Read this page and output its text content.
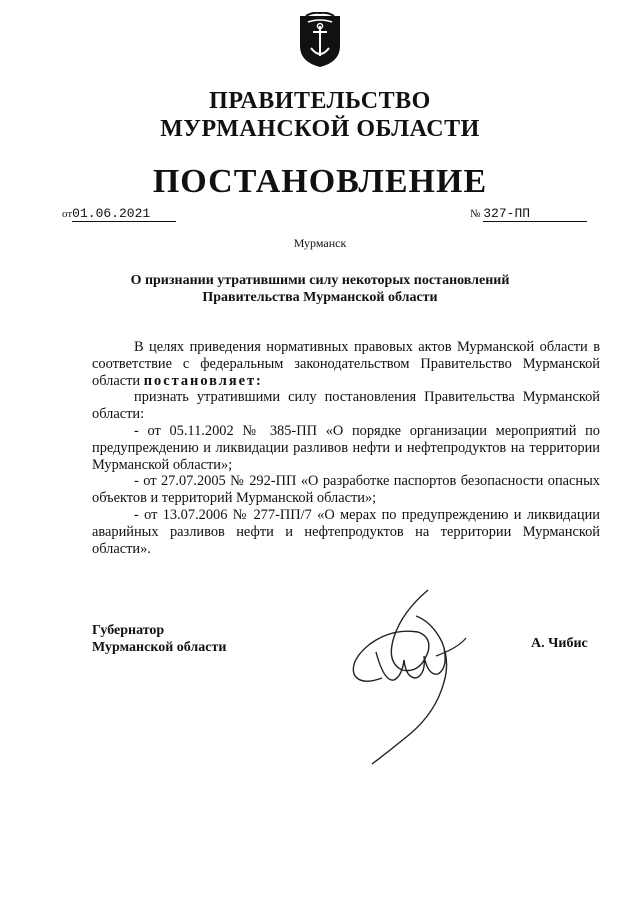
ПРАВИТЕЛЬСТВО
МУРМАНСКОЙ ОБЛАСТИ
ПОСТАНОВЛЕНИЕ
от01.06.2021	№ 327-ПП
Мурманск
О признании утратившими силу некоторых постановлений
Правительства Мурманской области

В целях приведения нормативных правовых актов Мурманской области в соответствие с федеральным законодательством Правительство Мурманской области постановляет:

признать утратившими силу постановления Правительства Мурманской области:

- от 05.11.2002 № 385-ПП «О порядке организации мероприятий по предупреждению и ликвидации разливов нефти и нефтепродуктов на территории Мурманской области»;

- от 27.07.2005 № 292-ПП «О разработке паспортов безопасности опасных объектов и территорий Мурманской области»;

- от 13.07.2006 № 277-ПП/7 «О мерах по предупреждению и ликвидации аварийных разливов нефти и нефтепродуктов на территории Мурманской области».

Губернатор
Мурманской области	А. Чибис
